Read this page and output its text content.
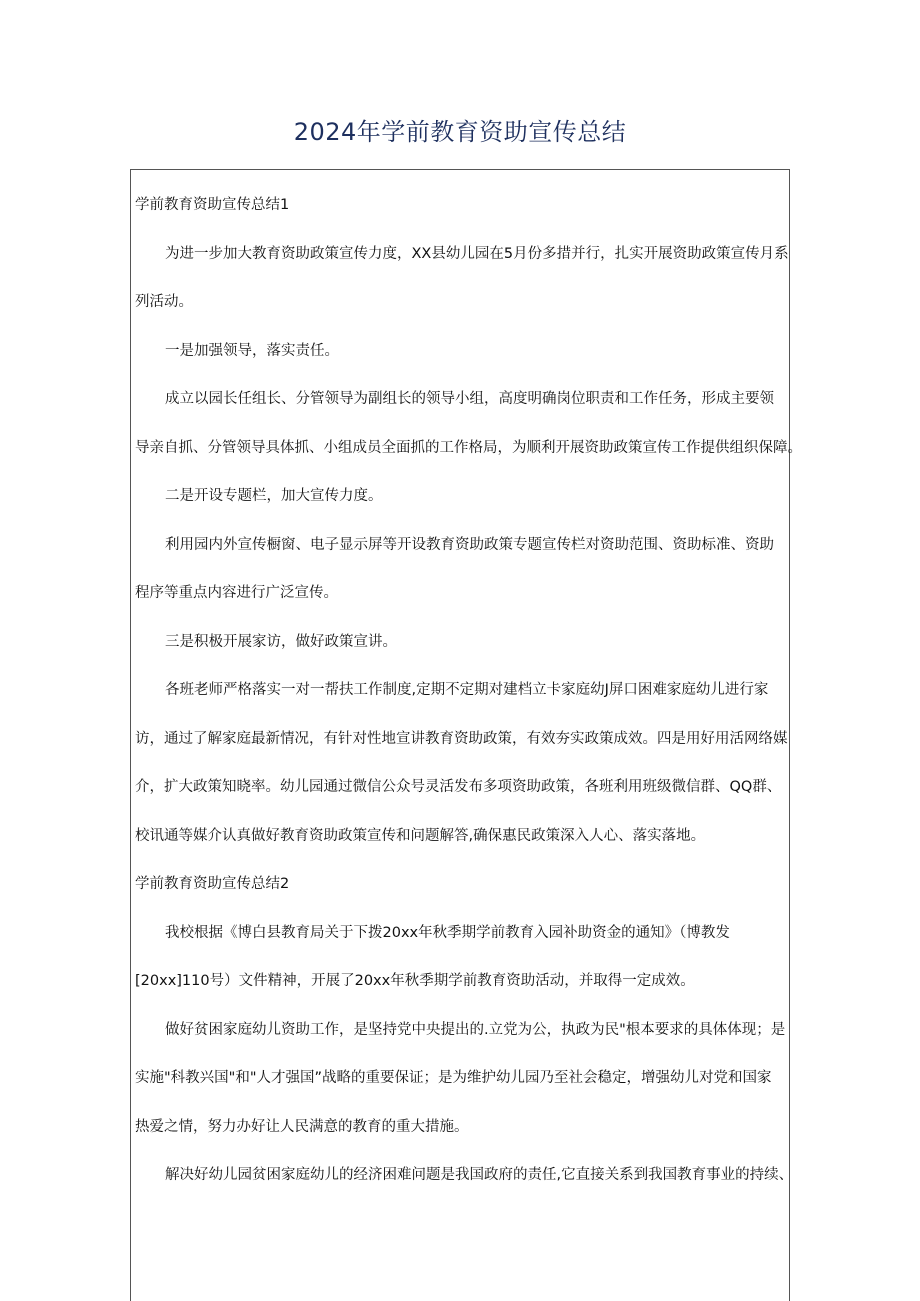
2024年学前教育资助宣传总结

学前教育资助宣传总结1

为进一步加大教育资助政策宣传力度，XX县幼儿园在5月份多措并行，扎实开展资助政策宣传月系

列活动。

一是加强领导，落实责任。

成立以园长任组长、分管领导为副组长的领导小组，高度明确岗位职责和工作任务，形成主要领

导亲自抓、分管领导具体抓、小组成员全面抓的工作格局，为顺利开展资助政策宣传工作提供组织保障。

二是开设专题栏，加大宣传力度。

利用园内外宣传橱窗、电子显示屏等开设教育资助政策专题宣传栏对资助范围、资助标准、资助

程序等重点内容进行广泛宣传。

三是积极开展家访，做好政策宣讲。

各班老师严格落实一对一帮扶工作制度,定期不定期对建档立卡家庭幼J屏口困难家庭幼儿进行家

访，通过了解家庭最新情况，有针对性地宣讲教育资助政策，有效夯实政策成效。四是用好用活网络媒

介，扩大政策知晓率。幼儿园通过微信公众号灵活发布多项资助政策，各班利用班级微信群、QQ群、

校讯通等媒介认真做好教育资助政策宣传和问题解答,确保惠民政策深入人心、落实落地。

学前教育资助宣传总结2

我校根据《博白县教育局关于下拨20xx年秋季期学前教育入园补助资金的通知》（博教发

[20xx]110号）文件精神，开展了20xx年秋季期学前教育资助活动，并取得一定成效。

做好贫困家庭幼儿资助工作，是坚持党中央提出的.立党为公，执政为民"根本要求的具体体现；是

实施"科教兴国"和"人才强国”战略的重要保证；是为维护幼儿园乃至社会稳定，增强幼儿对党和国家

热爱之情，努力办好让人民满意的教育的重大措施。

解决好幼儿园贫困家庭幼儿的经济困难问题是我国政府的责任,它直接关系到我国教育事业的持续、
